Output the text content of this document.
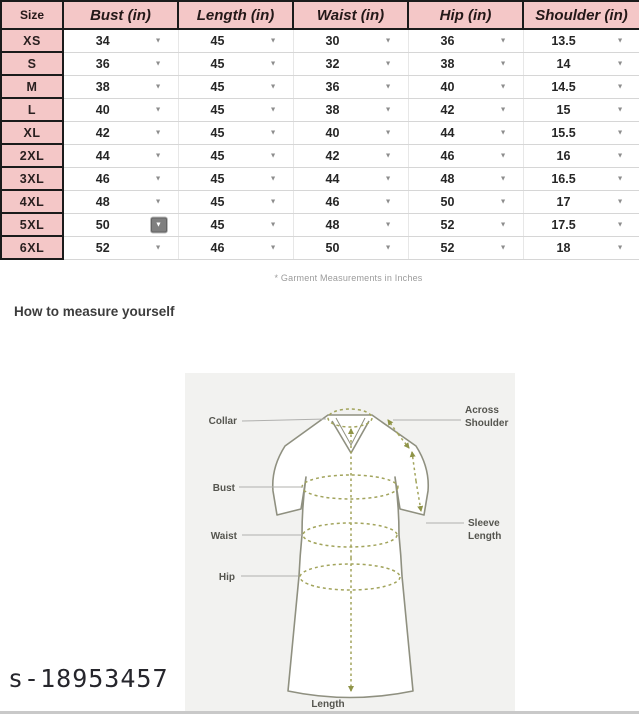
Size	Bust (in)	Length (in)	Waist (in)	Hip (in)	Shoulder (in)
XS	34 ▼	45 ▼	30 ▼	36 ▼	13.5 ▼

S	36 ▼	45 ▼	32 ▼	38 ▼	14 ▼

M	38 ▼	45 ▼	36 ▼	40 ▼	14.5 ▼

L	40 ▼	45 ▼	38 ▼	42 ▼	15 ▼

XL	42 ▼	45 ▼	40 ▼	44 ▼	15.5 ▼

2XL	44 ▼	45 ▼	42 ▼	46 ▼	16 ▼

3XL	46 ▼	45 ▼	44 ▼	48 ▼	16.5 ▼

4XL	48 ▼	45 ▼	46 ▼	50 ▼	17 ▼

5XL	50 ▼	45 ▼	48 ▼	52 ▼	17.5 ▼

6XL	52 ▼	46 ▼	50 ▼	52 ▼	18 ▼
* Garment Measurements in Inches
How to measure yourself
Collar
Bust
Waist
Hip
Across
Shoulder
Sleeve
Length
Length
s-18953457
